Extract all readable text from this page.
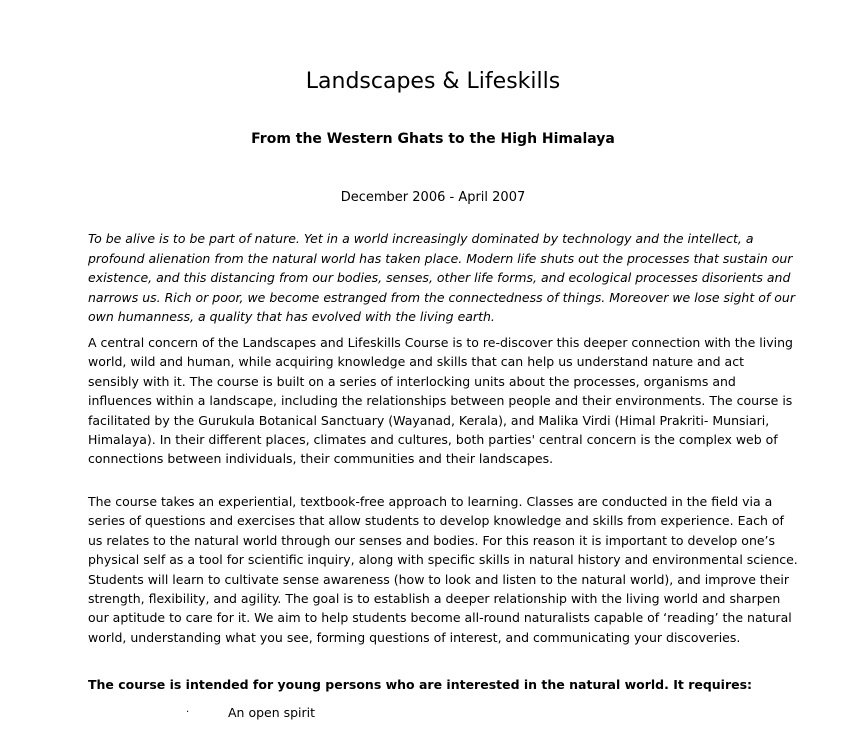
Landscapes & Lifeskills
From the Western Ghats to the High Himalaya
December 2006 - April 2007

To be alive is to be part of nature. Yet in a world increasingly dominated by technology and the intellect, a profound alienation from the natural world has taken place. Modern life shuts out the processes that sustain our existence, and this distancing from our bodies, senses, other life forms, and ecological processes disorients and narrows us. Rich or poor, we become estranged from the connectedness of things. Moreover we lose sight of our own humanness, a quality that has evolved with the living earth.

A central concern of the Landscapes and Lifeskills Course is to re-discover this deeper connection with the living world, wild and human, while acquiring knowledge and skills that can help us understand nature and act sensibly with it. The course is built on a series of interlocking units about the processes, organisms and influences within a landscape, including the relationships between people and their environments. The course is facilitated by the Gurukula Botanical Sanctuary (Wayanad, Kerala), and Malika Virdi (Himal Prakriti- Munsiari, Himalaya). In their different places, climates and cultures, both parties' central concern is the complex web of connections between individuals, their communities and their landscapes.

The course takes an experiential, textbook-free approach to learning. Classes are conducted in the field via a series of questions and exercises that allow students to develop knowledge and skills from experience. Each of us relates to the natural world through our senses and bodies. For this reason it is important to develop one’s physical self as a tool for scientific inquiry, along with specific skills in natural history and environmental science. Students will learn to cultivate sense awareness (how to look and listen to the natural world), and improve their strength, flexibility, and agility. The goal is to establish a deeper relationship with the living world and sharpen our aptitude to care for it. We aim to help students become all-round naturalists capable of ‘reading’ the natural world, understanding what you see, forming questions of interest, and communicating your discoveries.

The course is intended for young persons who are interested in the natural world. It requires:

·	An open spirit
